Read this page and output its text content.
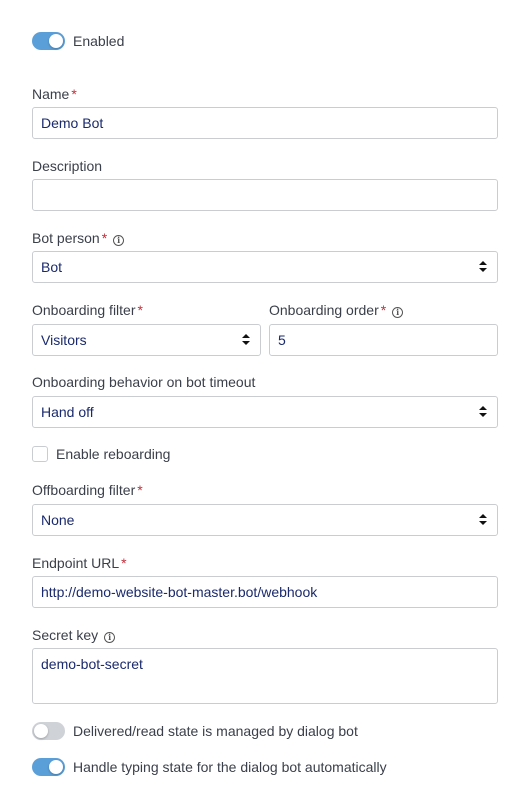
Enabled
Name *
Demo Bot
Description
Bot person * i
Bot
Onboarding filter *
Visitors
Onboarding order * i
5
Onboarding behavior on bot timeout
Hand off
Enable reboarding
Offboarding filter *
None
Endpoint URL *
http://demo-website-bot-master.bot/webhook
Secret key i
demo-bot-secret
Delivered/read state is managed by dialog bot
Handle typing state for the dialog bot automatically
